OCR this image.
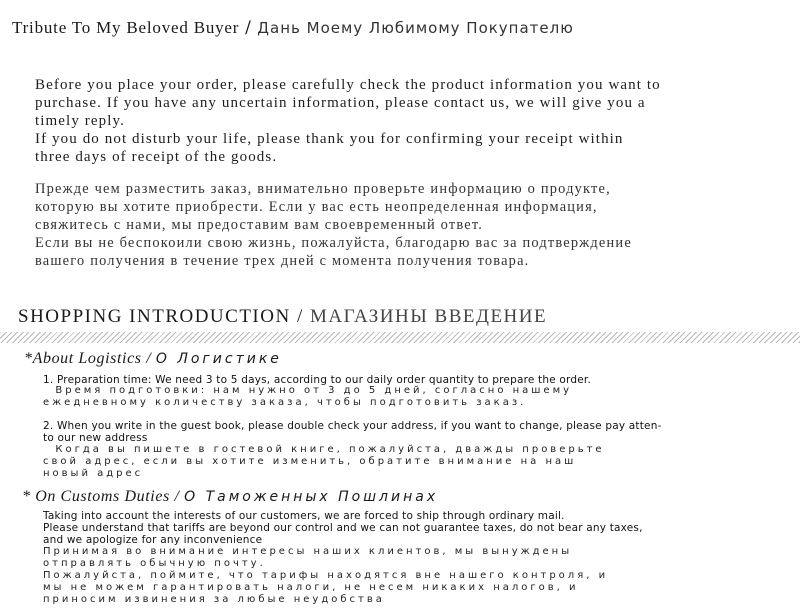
Tribute To My Beloved Buyer / Дань Моему Любимому Покупателю
Before you place your order, please carefully check the product information you want to
purchase. If you have any uncertain information, please contact us, we will give you a
timely reply.
If you do not disturb your life, please thank you for confirming your receipt within
three days of receipt of the goods.
Прежде чем разместить заказ, внимательно проверьте информацию о продукте,
которую вы хотите приобрести. Если у вас есть неопределенная информация,
свяжитесь с нами, мы предоставим вам своевременный ответ.
Если вы не беспокоили свою жизнь, пожалуйста, благодарю вас за подтверждение
вашего получения в течение трех дней с момента получения товара.
SHOPPING INTRODUCTION / МАГАЗИНЫ ВВЕДЕНИЕ
*About Logistics / О Логистике
1. Preparation time: We need 3 to 5 days, according to our daily order quantity to prepare the order.
Время подготовки: нам нужно от 3 до 5 дней, согласно нашему
ежедневному количеству заказа, чтобы подготовить заказ.
2. When you write in the guest book, please double check your address, if you want to change, please pay atten-
to our new address
Когда вы пишете в гостевой книге, пожалуйста, дважды проверьте
свой адрес, если вы хотите изменить, обратите внимание на наш
новый адрес
* On Customs Duties / О Таможенных Пошлинах
Taking into account the interests of our customers, we are forced to ship through ordinary mail.
Please understand that tariffs are beyond our control and we can not guarantee taxes, do not bear any taxes,
and we apologize for any inconvenience
Принимая во внимание интересы наших клиентов, мы вынуждены
отправлять обычную почту.
Пожалуйста, поймите, что тарифы находятся вне нашего контроля, и
мы не можем гарантировать налоги, не несем никаких налогов, и
приносим извинения за любые неудобства
